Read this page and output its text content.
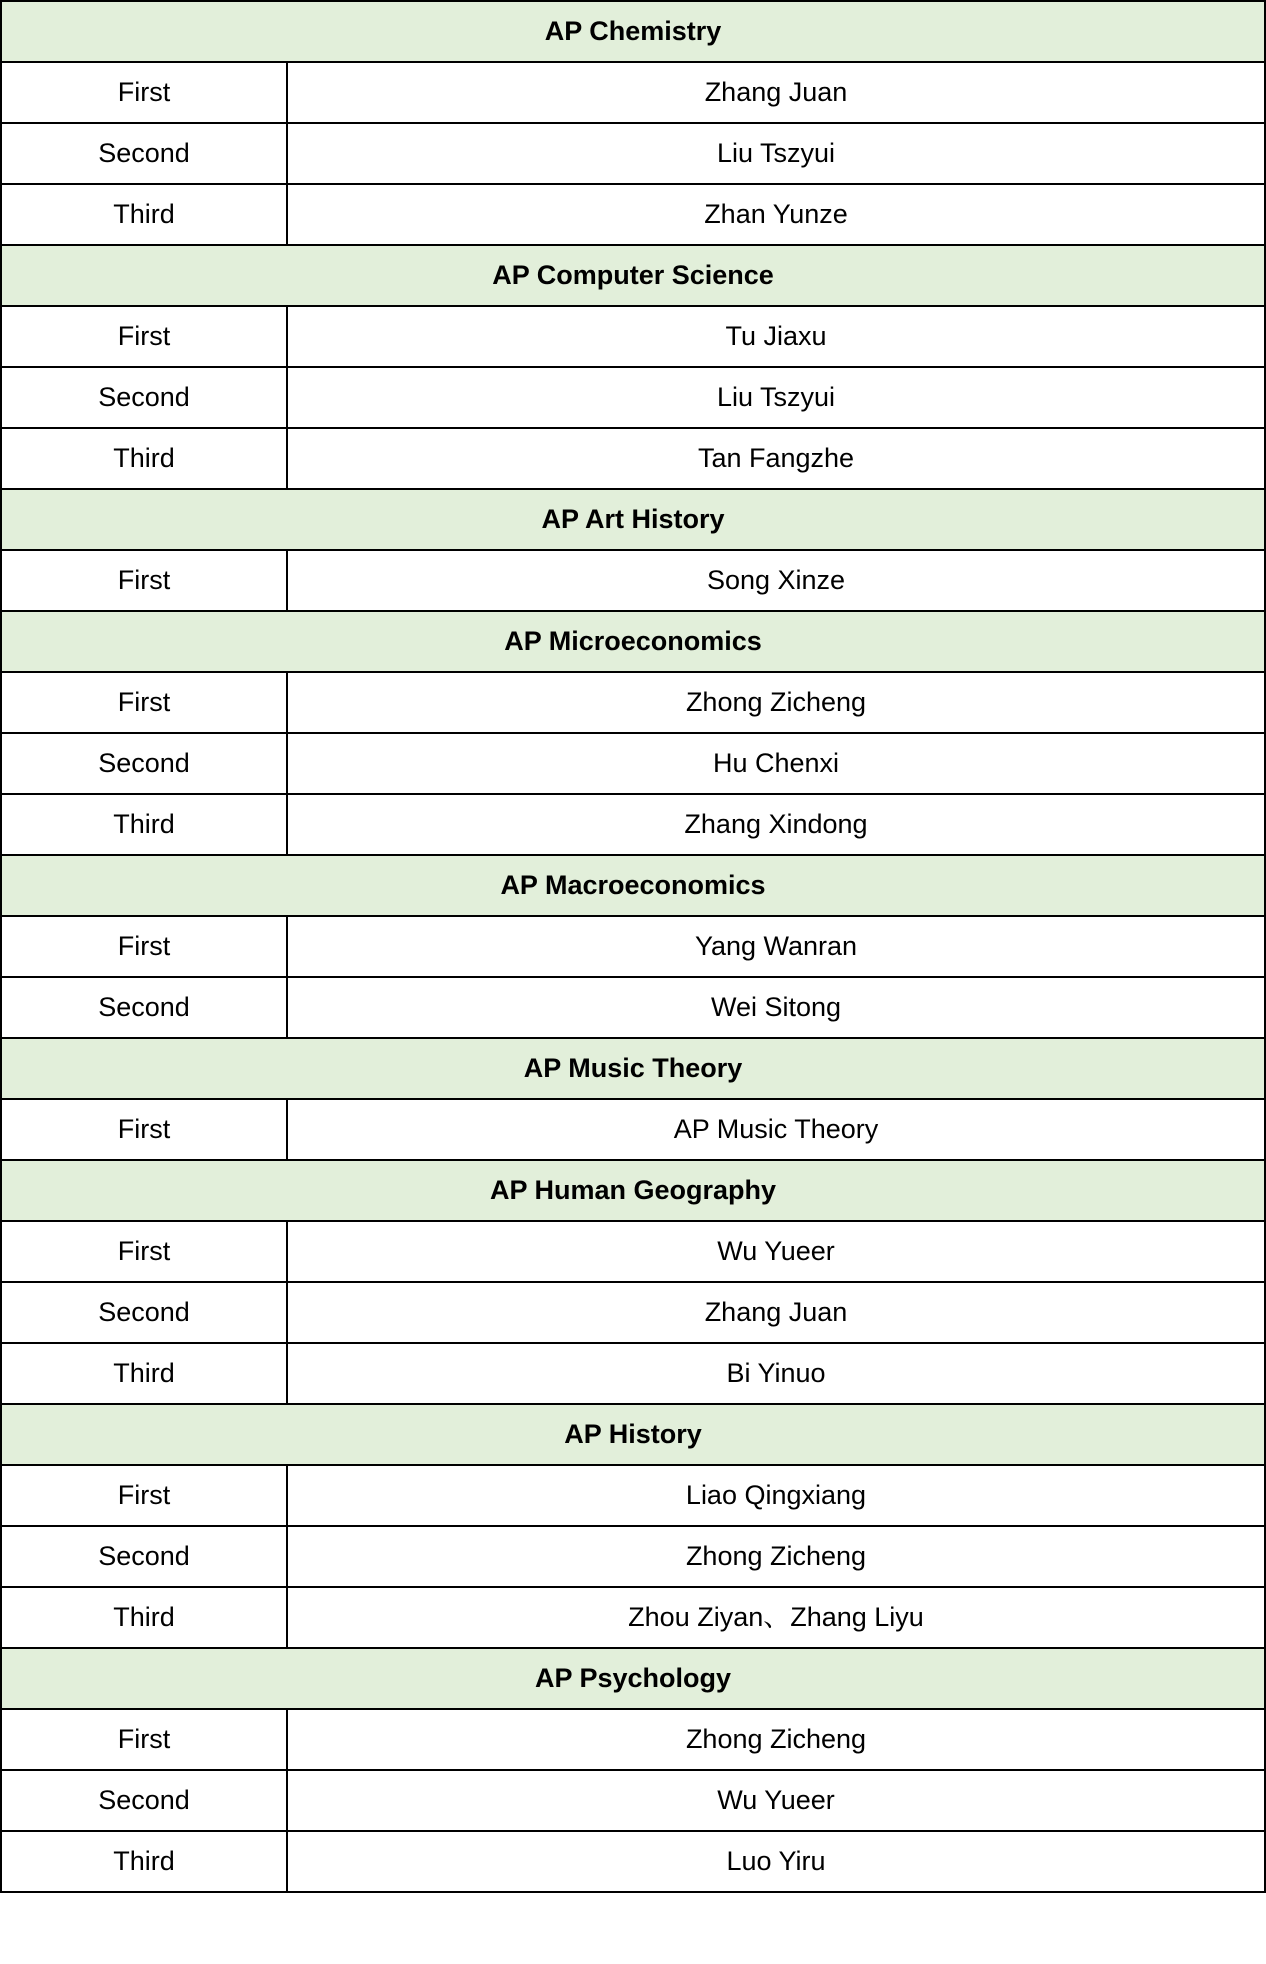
AP Chemistry	
First	Zhang Juan
Second	Liu Tszyui
Third	Zhan Yunze
AP Computer Science	
First	Tu Jiaxu
Second	Liu Tszyui
Third	Tan Fangzhe
AP Art History	
First	Song Xinze
AP Microeconomics	
First	Zhong Zicheng
Second	Hu Chenxi
Third	Zhang Xindong
AP Macroeconomics	
First	Yang Wanran
Second	Wei Sitong
AP Music Theory	
First	AP Music Theory
AP Human Geography	
First	Wu Yueer
Second	Zhang Juan
Third	Bi Yinuo
AP History	
First	Liao Qingxiang
Second	Zhong Zicheng
Third	Zhou Ziyan、Zhang Liyu
AP Psychology	
First	Zhong Zicheng
Second	Wu Yueer
Third	Luo Yiru
